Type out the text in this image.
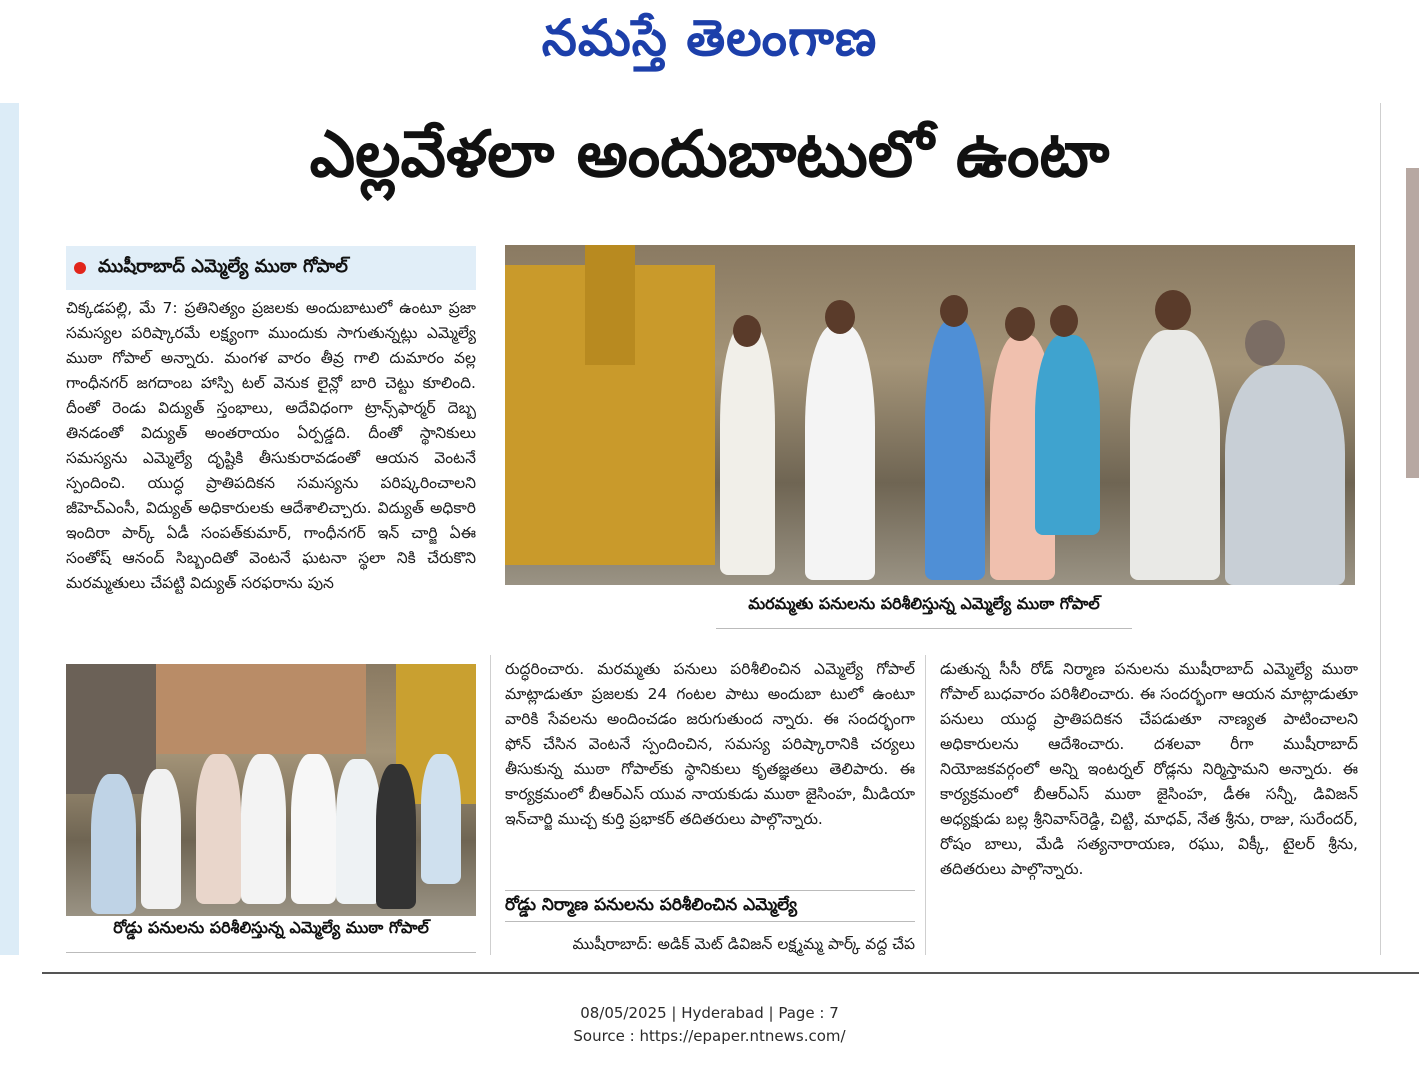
నమస్తే తెలంగాణ
ఎల్లవేళలా అందుబాటులో ఉంటా
ముషీరాబాద్ ఎమ్మెల్యే ముఠా గోపాల్
చిక్కడపల్లి, మే 7: ప్రతినిత్యం ప్రజలకు అందుబాటులో ఉంటూ ప్రజా సమస్యల పరిష్కారమే లక్ష్యంగా ముందుకు సాగుతున్నట్లు ఎమ్మెల్యే ముఠా గోపాల్ అన్నారు. మంగళ వారం తీవ్ర గాలి దుమారం వల్ల గాంధీనగర్ జగదాంబ హాస్పి టల్ వెనుక లైన్లో బారి చెట్టు కూలింది. దీంతో రెండు విద్యుత్ స్తంభాలు, అదేవిధంగా ట్రాన్స్‌ఫార్మర్ దెబ్బ తినడంతో విద్యుత్ అంతరాయం ఏర్పడ్డది. దీంతో స్థానికులు సమస్యను ఎమ్మెల్యే దృష్టికి తీసుకురావడంతో ఆయన వెంటనే స్పందించి. యుద్ధ ప్రాతిపదికన సమస్యను పరిష్కరించాలని జీహెచ్‌ఎంసీ, విద్యుత్ అధికారులకు ఆదేశాలిచ్చారు. విద్యుత్ అధికారి ఇందిరా పార్క్ ఏడీ సంపత్‌కుమార్, గాంధీనగర్ ఇన్ చార్జి ఏఈ సంతోష్ ఆనంద్ సిబ్బందితో వెంటనే ఘటనా స్థలా నికి చేరుకొని మరమ్మతులు చేపట్టి విద్యుత్ సరఫరాను పున
మరమ్మతు పనులను పరిశీలిస్తున్న ఎమ్మెల్యే ముఠా గోపాల్
రోడ్డు పనులను పరిశీలిస్తున్న ఎమ్మెల్యే ముఠా గోపాల్
రుద్ధరించారు. మరమ్మతు పనులు పరిశీలించిన ఎమ్మెల్యే గోపాల్ మాట్లాడుతూ ప్రజలకు 24 గంటల పాటు అందుబా టులో ఉంటూ వారికి సేవలను అందించడం జరుగుతుంద న్నారు. ఈ సందర్భంగా ఫోన్ చేసిన వెంటనే స్పందించిన, సమస్య పరిష్కారానికి చర్యలు తీసుకున్న ముఠా గోపాల్‌కు స్థానికులు కృతజ్ఞతలు తెలిపారు. ఈ కార్యక్రమంలో బీఆర్ఎస్ యువ నాయకుడు ముఠా జైసింహ, మీడియా ఇన్‌చార్జి ముచ్చ కుర్తి ప్రభాకర్ తదితరులు పాల్గొన్నారు.
రోడ్డు నిర్మాణ పనులను పరిశీలించిన ఎమ్మెల్యే
ముషీరాబాద్: అడిక్ మెట్ డివిజన్ లక్ష్మమ్మ పార్క్ వద్ద చేప
డుతున్న సీసీ రోడ్ నిర్మాణ పనులను ముషీరాబాద్ ఎమ్మెల్యే ముఠా గోపాల్ బుధవారం పరిశీలించారు. ఈ సందర్భంగా ఆయన మాట్లాడుతూ పనులు యుద్ధ ప్రాతిపదికన చేపడుతూ నాణ్యత పాటించాలని అధికారులను ఆదేశించారు. దశలవా రీగా ముషీరాబాద్ నియోజకవర్గంలో అన్ని ఇంటర్నల్ రోడ్లను నిర్మిస్తామని అన్నారు. ఈ కార్యక్రమంలో బీఆర్ఎస్ ముఠా జైసింహ, డీఈ సన్నీ, డివిజన్ అధ్యక్షుడు బల్ల శ్రీనివాస్‌రెడ్డి, చిట్టి, మాధవ్, నేత శ్రీను, రాజు, సురేందర్, రోషం బాలు, మేడి సత్యనారాయణ, రఘు, విక్కీ, టైలర్ శ్రీను, తదితరులు పాల్గొన్నారు.
08/05/2025 | Hyderabad | Page : 7
Source : https://epaper.ntnews.com/
